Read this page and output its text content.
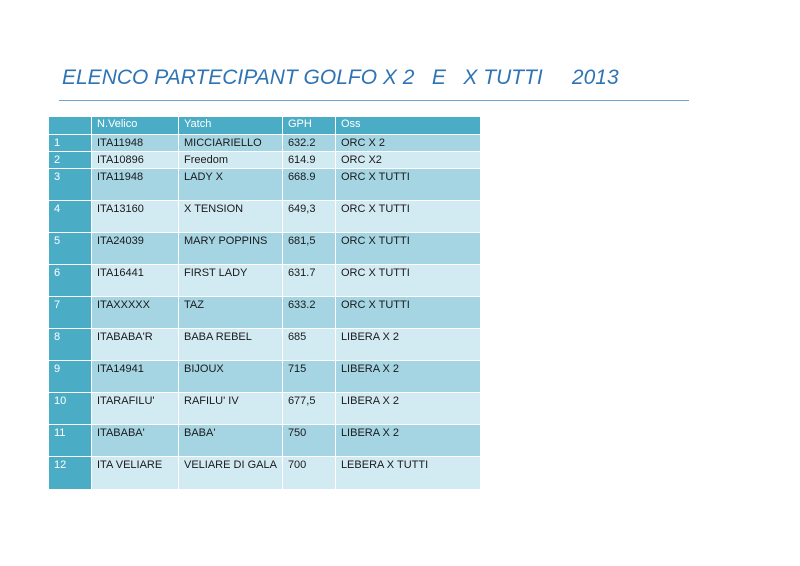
ELENCO PARTECIPANT GOLFO X 2   E   X TUTTI     2013
	N.Velico	Yatch	GPH	Oss
1	ITA11948	MICCIARIELLO	632.2	ORC X 2
2	ITA10896	Freedom	614.9	ORC X2
3	ITA11948	LADY X	668.9	ORC X TUTTI
4	ITA13160	X TENSION	649,3	ORC X TUTTI
5	ITA24039	MARY POPPINS	681,5	ORC X TUTTI
6	ITA16441	FIRST LADY	631.7	ORC X TUTTI
7	ITAXXXXX	TAZ	633.2	ORC X TUTTI
8	ITABABA'R	BABA REBEL	685	LIBERA X 2
9	ITA14941	BIJOUX	715	LIBERA X 2
10	ITARAFILU'	RAFILU' IV	677,5	LIBERA X 2
11	ITABABA'	BABA'	750	LIBERA X 2
12	ITA VELIARE	VELIARE DI GALA	700	LEBERA X TUTTI
